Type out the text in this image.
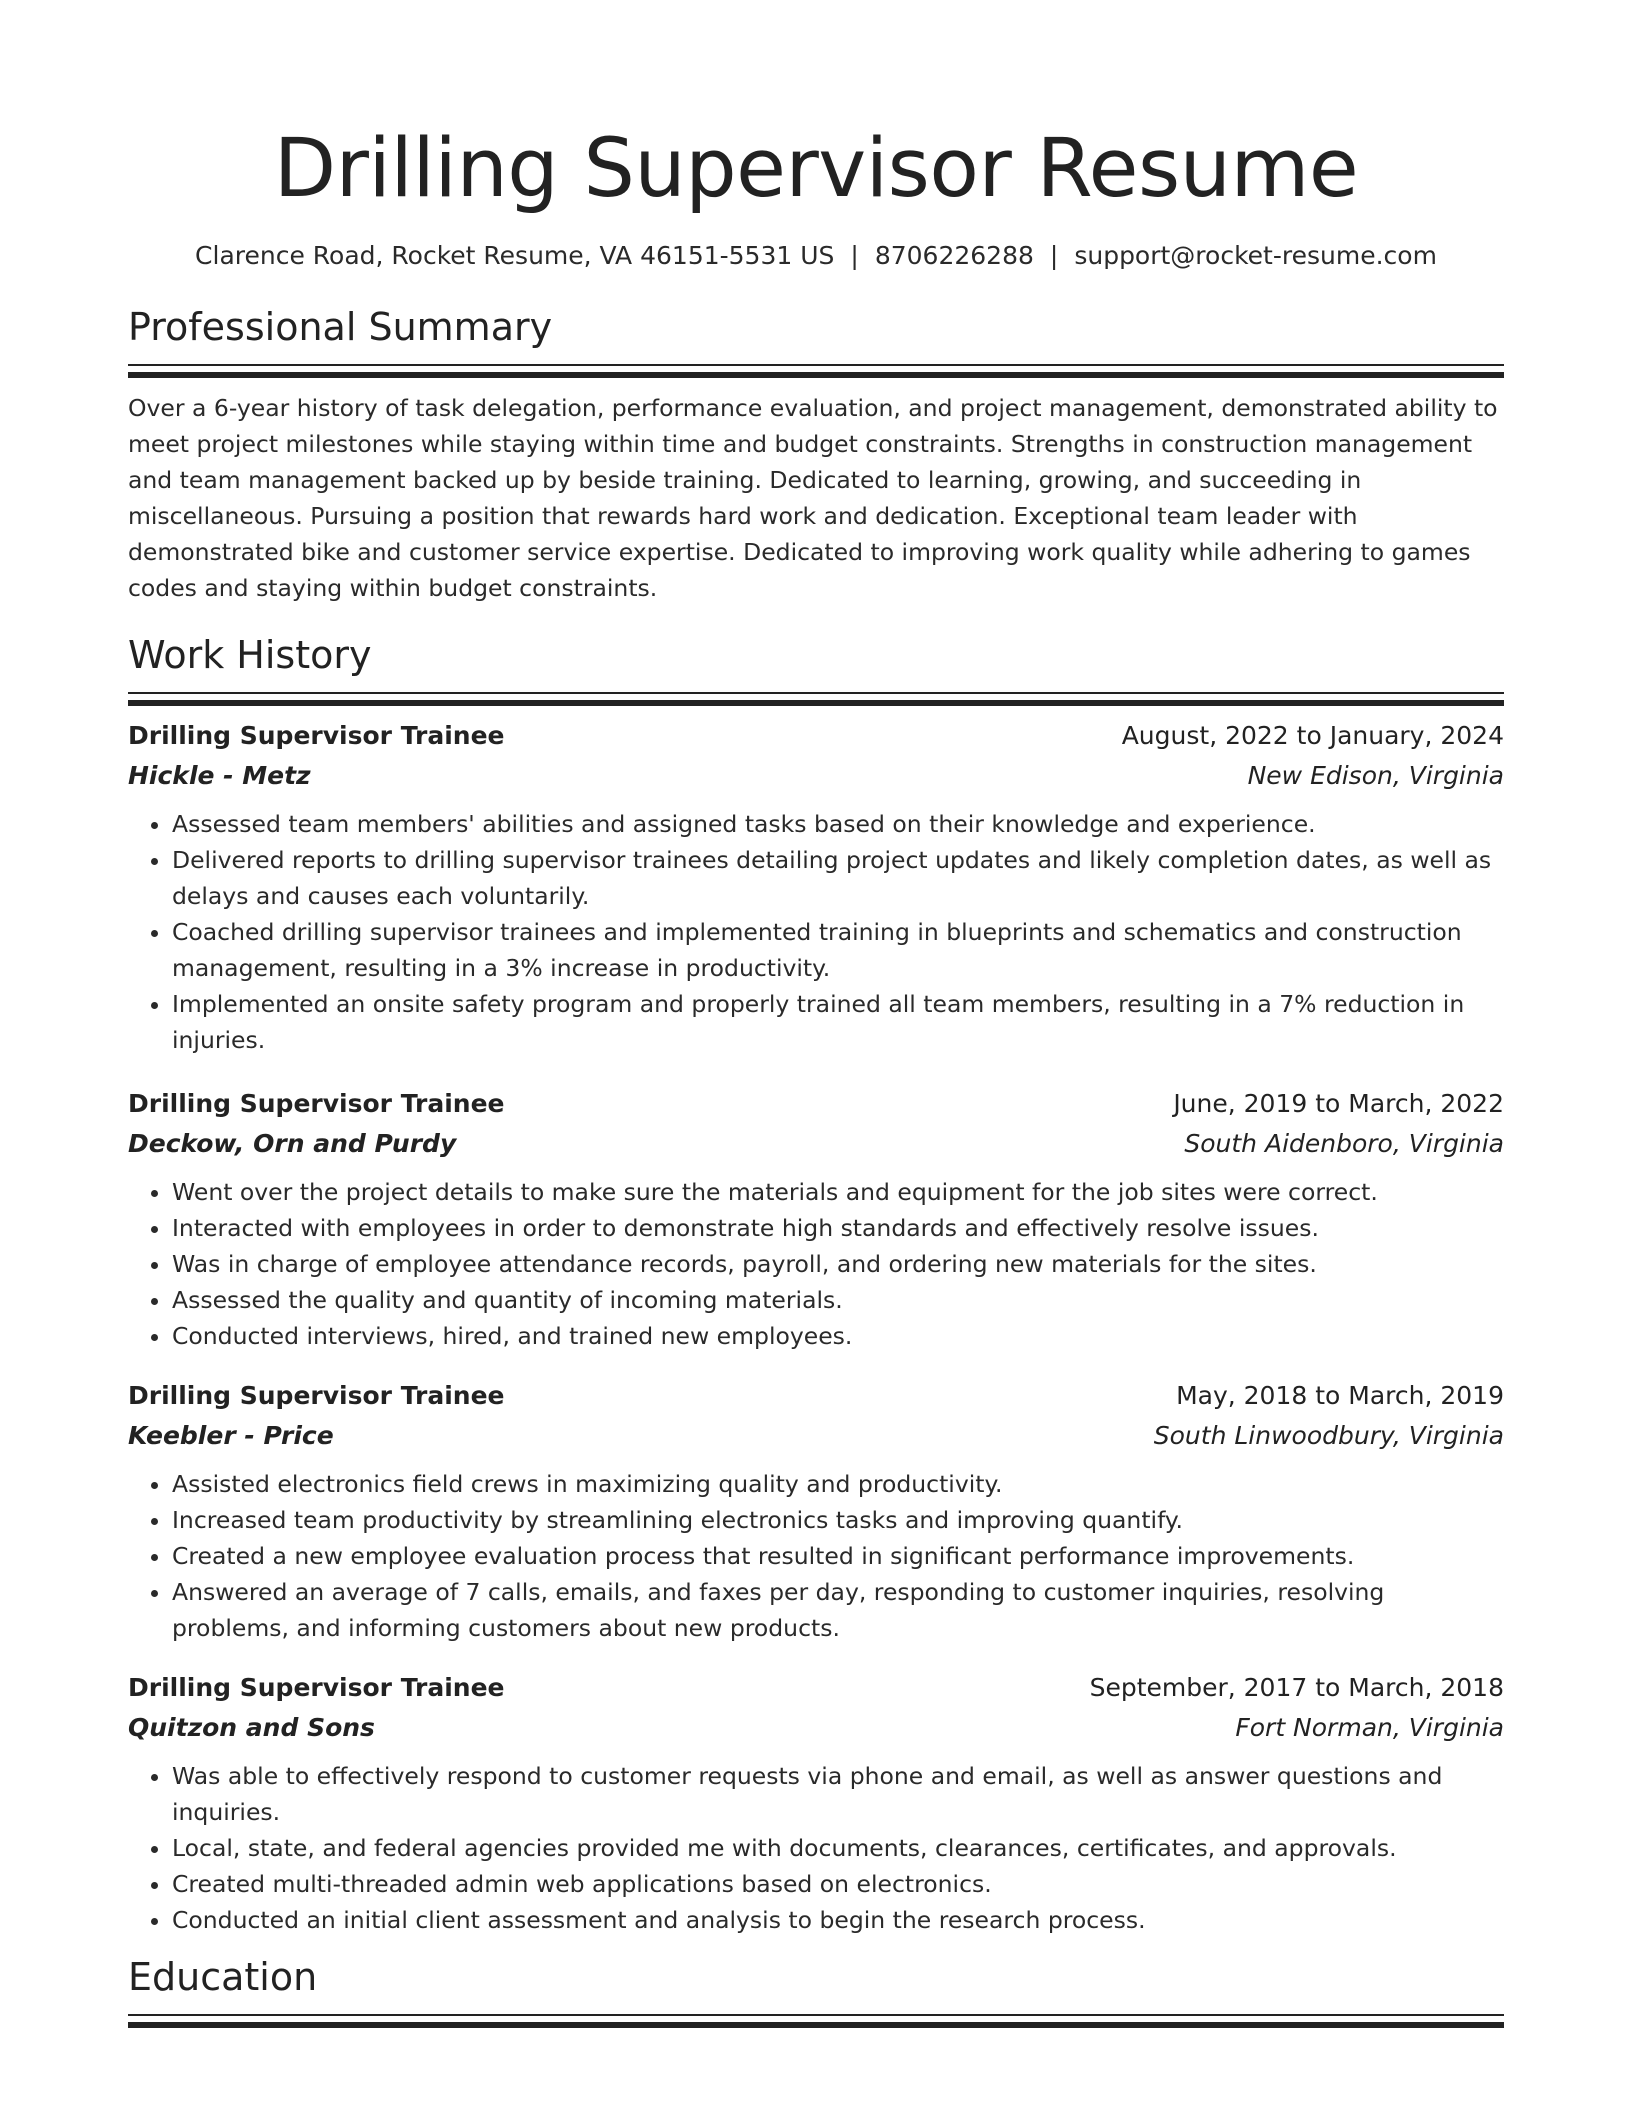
Drilling Supervisor Resume
Clarence Road, Rocket Resume, VA 46151-5531 US | 8706226288 | support@rocket-resume.com
Professional Summary

Over a 6-year history of task delegation, performance evaluation, and project management, demonstrated ability to meet project milestones while staying within time and budget constraints. Strengths in construction management and team management backed up by beside training. Dedicated to learning, growing, and succeeding in miscellaneous. Pursuing a position that rewards hard work and dedication. Exceptional team leader with demonstrated bike and customer service expertise. Dedicated to improving work quality while adhering to games codes and staying within budget constraints.

Work History
Drilling Supervisor Trainee	August, 2022 to January, 2024
Hickle - Metz	New Edison, Virginia
• Assessed team members' abilities and assigned tasks based on their knowledge and experience.
• Delivered reports to drilling supervisor trainees detailing project updates and likely completion dates, as well as delays and causes each voluntarily.
• Coached drilling supervisor trainees and implemented training in blueprints and schematics and construction management, resulting in a 3% increase in productivity.
• Implemented an onsite safety program and properly trained all team members, resulting in a 7% reduction in injuries.
Drilling Supervisor Trainee	June, 2019 to March, 2022
Deckow, Orn and Purdy	South Aidenboro, Virginia
• Went over the project details to make sure the materials and equipment for the job sites were correct.
• Interacted with employees in order to demonstrate high standards and effectively resolve issues.
• Was in charge of employee attendance records, payroll, and ordering new materials for the sites.
• Assessed the quality and quantity of incoming materials.
• Conducted interviews, hired, and trained new employees.
Drilling Supervisor Trainee	May, 2018 to March, 2019
Keebler - Price	South Linwoodbury, Virginia
• Assisted electronics field crews in maximizing quality and productivity.
• Increased team productivity by streamlining electronics tasks and improving quantify.
• Created a new employee evaluation process that resulted in significant performance improvements.
• Answered an average of 7 calls, emails, and faxes per day, responding to customer inquiries, resolving problems, and informing customers about new products.
Drilling Supervisor Trainee	September, 2017 to March, 2018
Quitzon and Sons	Fort Norman, Virginia
• Was able to effectively respond to customer requests via phone and email, as well as answer questions and inquiries.
• Local, state, and federal agencies provided me with documents, clearances, certificates, and approvals.
• Created multi-threaded admin web applications based on electronics.
• Conducted an initial client assessment and analysis to begin the research process.
Education
